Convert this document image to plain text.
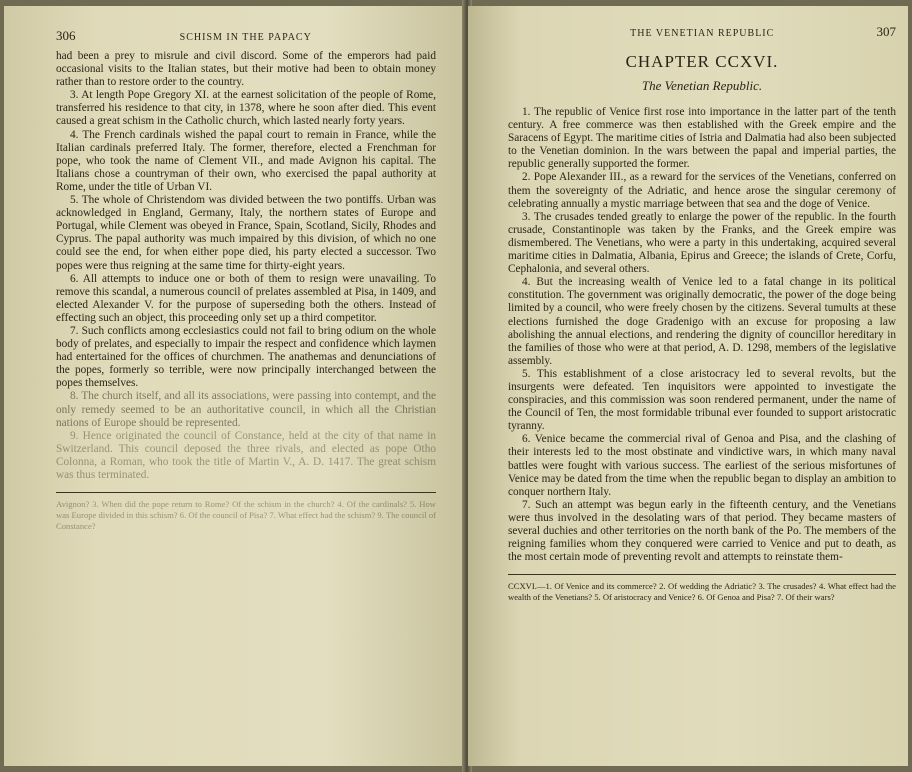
306	SCHISM IN THE PAPACY

had been a prey to misrule and civil discord. Some of the emperors had paid occasional visits to the Italian states, but their motive had been to obtain money rather than to restore order to the country.

3. At length Pope Gregory XI. at the earnest solicitation of the people of Rome, transferred his residence to that city, in 1378, where he soon after died. This event caused a great schism in the Catholic church, which lasted nearly forty years.

4. The French cardinals wished the papal court to remain in France, while the Italian cardinals preferred Italy. The former, therefore, elected a Frenchman for pope, who took the name of Clement VII., and made Avignon his capital. The Italians chose a countryman of their own, who exercised the papal authority at Rome, under the title of Urban VI.

5. The whole of Christendom was divided between the two pontiffs. Urban was acknowledged in England, Germany, Italy, the northern states of Europe and Portugal, while Clement was obeyed in France, Spain, Scotland, Sicily, Rhodes and Cyprus. The papal authority was much impaired by this division, of which no one could see the end, for when either pope died, his party elected a successor. Two popes were thus reigning at the same time for thirty-eight years.

6. All attempts to induce one or both of them to resign were unavailing. To remove this scandal, a numerous council of prelates assembled at Pisa, in 1409, and elected Alexander V. for the purpose of superseding both the others. Instead of effecting such an object, this proceeding only set up a third competitor.

7. Such conflicts among ecclesiastics could not fail to bring odium on the whole body of prelates, and especially to impair the respect and confidence which laymen had entertained for the offices of churchmen. The anathemas and denunciations of the popes, formerly so terrible, were now principally interchanged between the popes themselves.

8. The church itself, and all its associations, were passing into contempt, and the only remedy seemed to be an authoritative council, in which all the Christian nations of Europe should be represented.

9. Hence originated the council of Constance, held at the city of that name in Switzerland. This council deposed the three rivals, and elected as pope Otho Colonna, a Roman, who took the title of Martin V., A. D. 1417. The great schism was thus terminated.

Avignon? 3. When did the pope return to Rome? Of the schism in the church? 4. Of the cardinals? 5. How was Europe divided in this schism? 6. Of the council of Pisa? 7. What effect had the schism? 9. The council of Constance?

THE VENETIAN REPUBLIC	307
CHAPTER CCXVI.
The Venetian Republic.

1. The republic of Venice first rose into importance in the latter part of the tenth century. A free commerce was then established with the Greek empire and the Saracens of Egypt. The maritime cities of Istria and Dalmatia had also been subjected to the Venetian dominion. In the wars between the papal and imperial parties, the republic generally supported the former.

2. Pope Alexander III., as a reward for the services of the Venetians, conferred on them the sovereignty of the Adriatic, and hence arose the singular ceremony of celebrating annually a mystic marriage between that sea and the doge of Venice.

3. The crusades tended greatly to enlarge the power of the republic. In the fourth crusade, Constantinople was taken by the Franks, and the Greek empire was dismembered. The Venetians, who were a party in this undertaking, acquired several maritime cities in Dalmatia, Albania, Epirus and Greece; the islands of Crete, Corfu, Cephalonia, and several others.

4. But the increasing wealth of Venice led to a fatal change in its political constitution. The government was originally democratic, the power of the doge being limited by a council, who were freely chosen by the citizens. Several tumults at these elections furnished the doge Gradenigo with an excuse for proposing a law abolishing the annual elections, and rendering the dignity of councillor hereditary in the families of those who were at that period, A. D. 1298, members of the legislative assembly.

5. This establishment of a close aristocracy led to several revolts, but the insurgents were defeated. Ten inquisitors were appointed to investigate the conspiracies, and this commission was soon rendered permanent, under the name of the Council of Ten, the most formidable tribunal ever founded to support aristocratic tyranny.

6. Venice became the commercial rival of Genoa and Pisa, and the clashing of their interests led to the most obstinate and vindictive wars, in which many naval battles were fought with various success. The earliest of the serious misfortunes of Venice may be dated from the time when the republic began to display an ambition to conquer northern Italy.

7. Such an attempt was begun early in the fifteenth century, and the Venetians were thus involved in the desolating wars of that period. They became masters of several duchies and other territories on the north bank of the Po. The members of the reigning families whom they conquered were carried to Venice and put to death, as the most certain mode of preventing revolt and attempts to reinstate them-

CCXVI.—1. Of Venice and its commerce? 2. Of wedding the Adriatic? 3. The crusades? 4. What effect had the wealth of the Venetians? 5. Of aristocracy and Venice? 6. Of Genoa and Pisa? 7. Of their wars?
